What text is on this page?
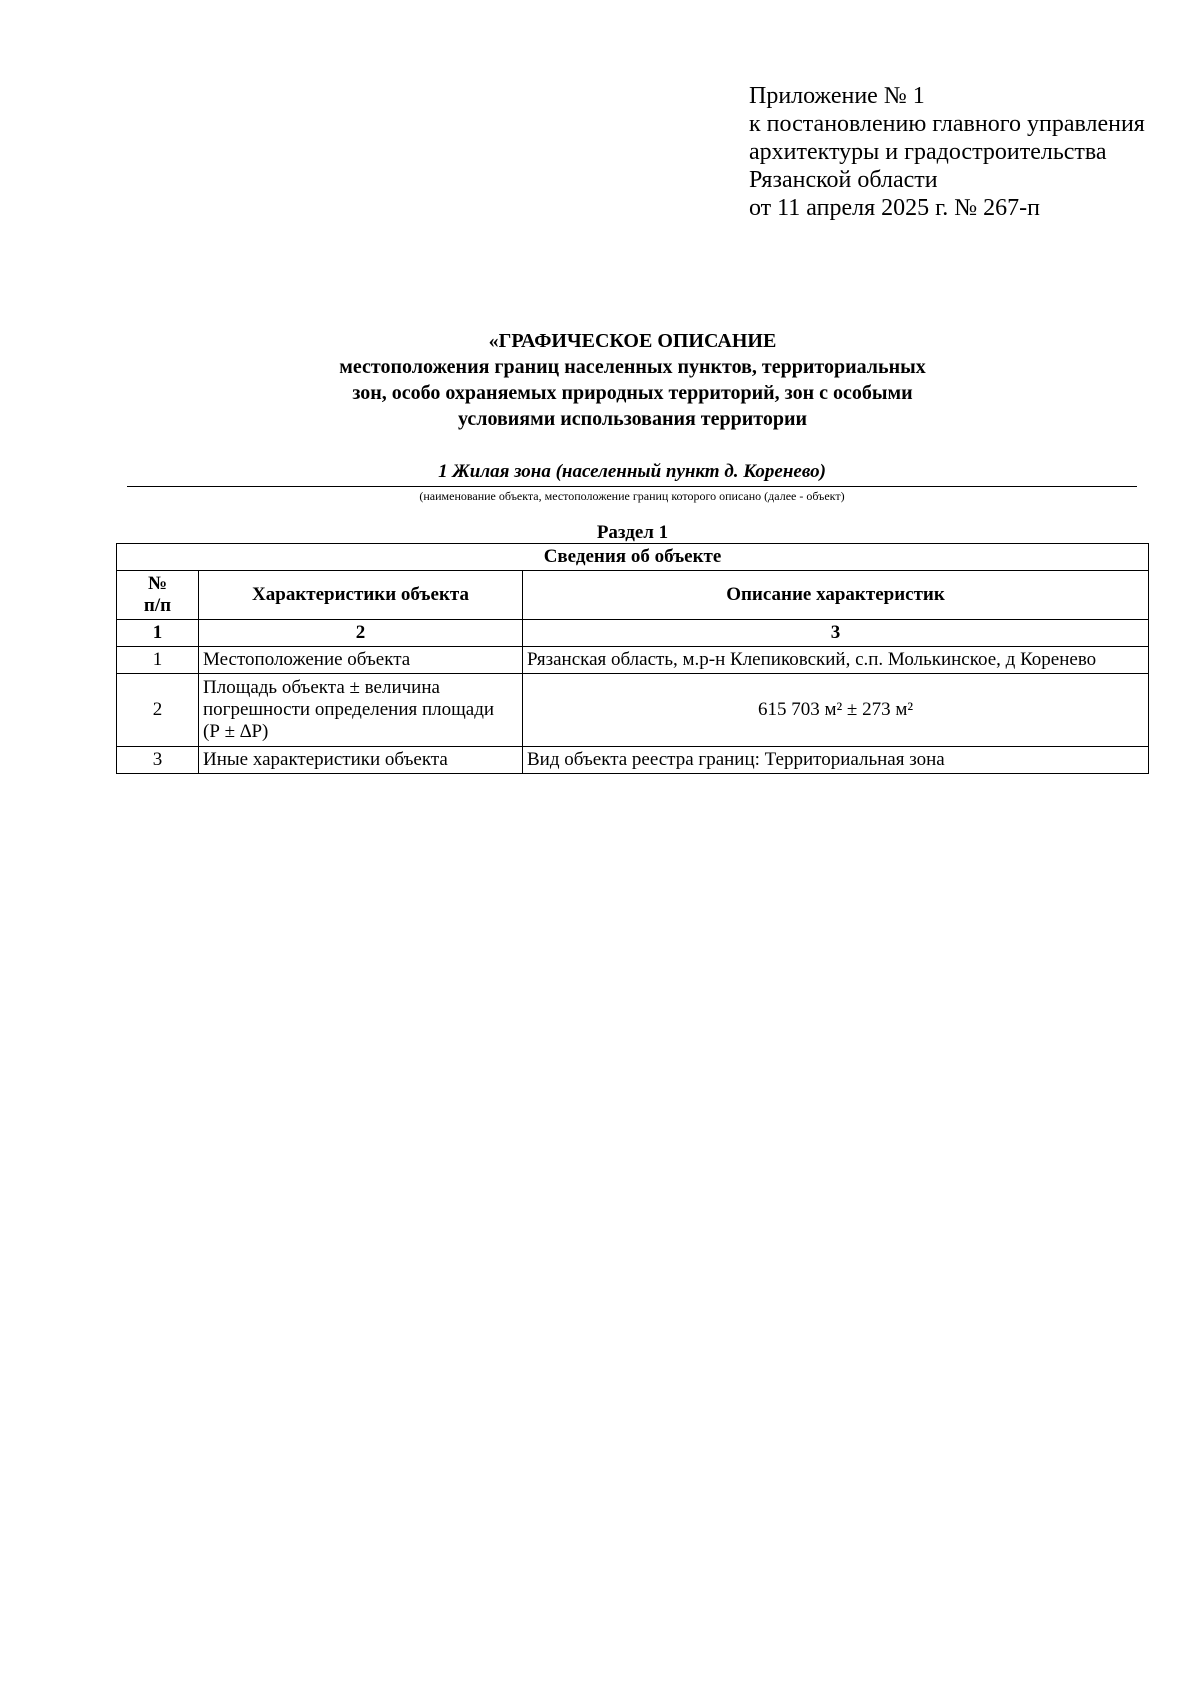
Приложение № 1
к постановлению главного управления
архитектуры и градостроительства
Рязанской области
от 11 апреля 2025 г. № 267-п
«ГРАФИЧЕСКОЕ ОПИСАНИЕ
местоположения границ населенных пунктов, территориальных
зон, особо охраняемых природных территорий, зон с особыми
условиями использования территории
1 Жилая зона (населенный пункт д. Коренево)
(наименование объекта, местоположение границ которого описано (далее - объект)
Раздел 1
Сведения об объекте		

№
п/п	Характеристики объекта	Описание характеристик
1	2	3
1	Местоположение объекта	Рязанская область, м.р-н Клепиковский, с.п. Молькинское, д Коренево
2	Площадь объекта ± величина
погрешности определения площади
(Р ± ∆Р)	615 703 м² ± 273 м²
3	Иные характеристики объекта	Вид объекта реестра границ: Территориальная зона
